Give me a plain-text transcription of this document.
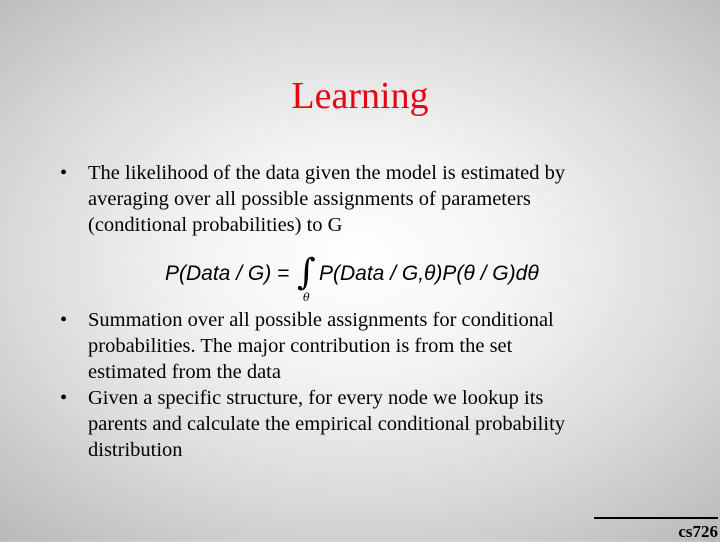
Learning
•	The likelihood of the data given the model is estimated by
averaging over all possible assignments of parameters
(conditional probabilities) to G
P(Data / G) = ∫
θ
P(Data / G,θ)P(θ / G)dθ
•	Summation over all possible assignments for conditional
probabilities. The major contribution is from the set
estimated from the data
•	Given a specific structure, for every node we lookup its
parents and calculate the empirical conditional probability
distribution
cs726
